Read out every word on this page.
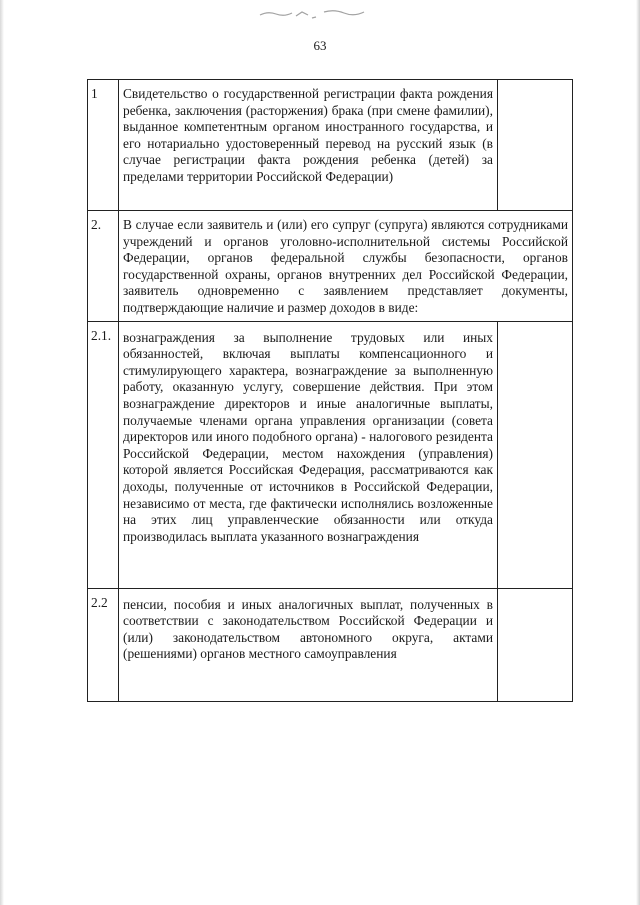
63
1	Свидетельство о государственной регистрации факта рождения ребенка, заключения (расторжения) брака (при смене фамилии), выданное компетентным органом иностранного государства, и его нотариально удостоверенный перевод на русский язык (в случае регистрации факта рождения ребенка (детей) за пределами территории Российской Федерации)	
2.	В случае если заявитель и (или) его супруг (супруга) являются сотрудниками учреждений и органов уголовно-исполнительной системы Российской Федерации, органов федеральной службы безопасности, органов государственной охраны, органов внутренних дел Российской Федерации, заявитель одновременно с заявлением представляет документы, подтверждающие наличие и размер доходов в виде:	
2.1.	вознаграждения за выполнение трудовых или иных обязанностей, включая выплаты компенсационного и стимулирующего характера, вознаграждение за выполненную работу, оказанную услугу, совершение действия. При этом вознаграждение директоров и иные аналогичные выплаты, получаемые членами органа управления организации (совета директоров или иного подобного органа) - налогового резидента Российской Федерации, местом нахождения (управления) которой является Российская Федерация, рассматриваются как доходы, полученные от источников в Российской Федерации, независимо от места, где фактически исполнялись возложенные на этих лиц управленческие обязанности или откуда производилась выплата указанного вознаграждения	
2.2	пенсии, пособия и иных аналогичных выплат, полученных в соответствии с законодательством Российской Федерации и (или) законодательством автономного округа, актами (решениями) органов местного самоуправления	
